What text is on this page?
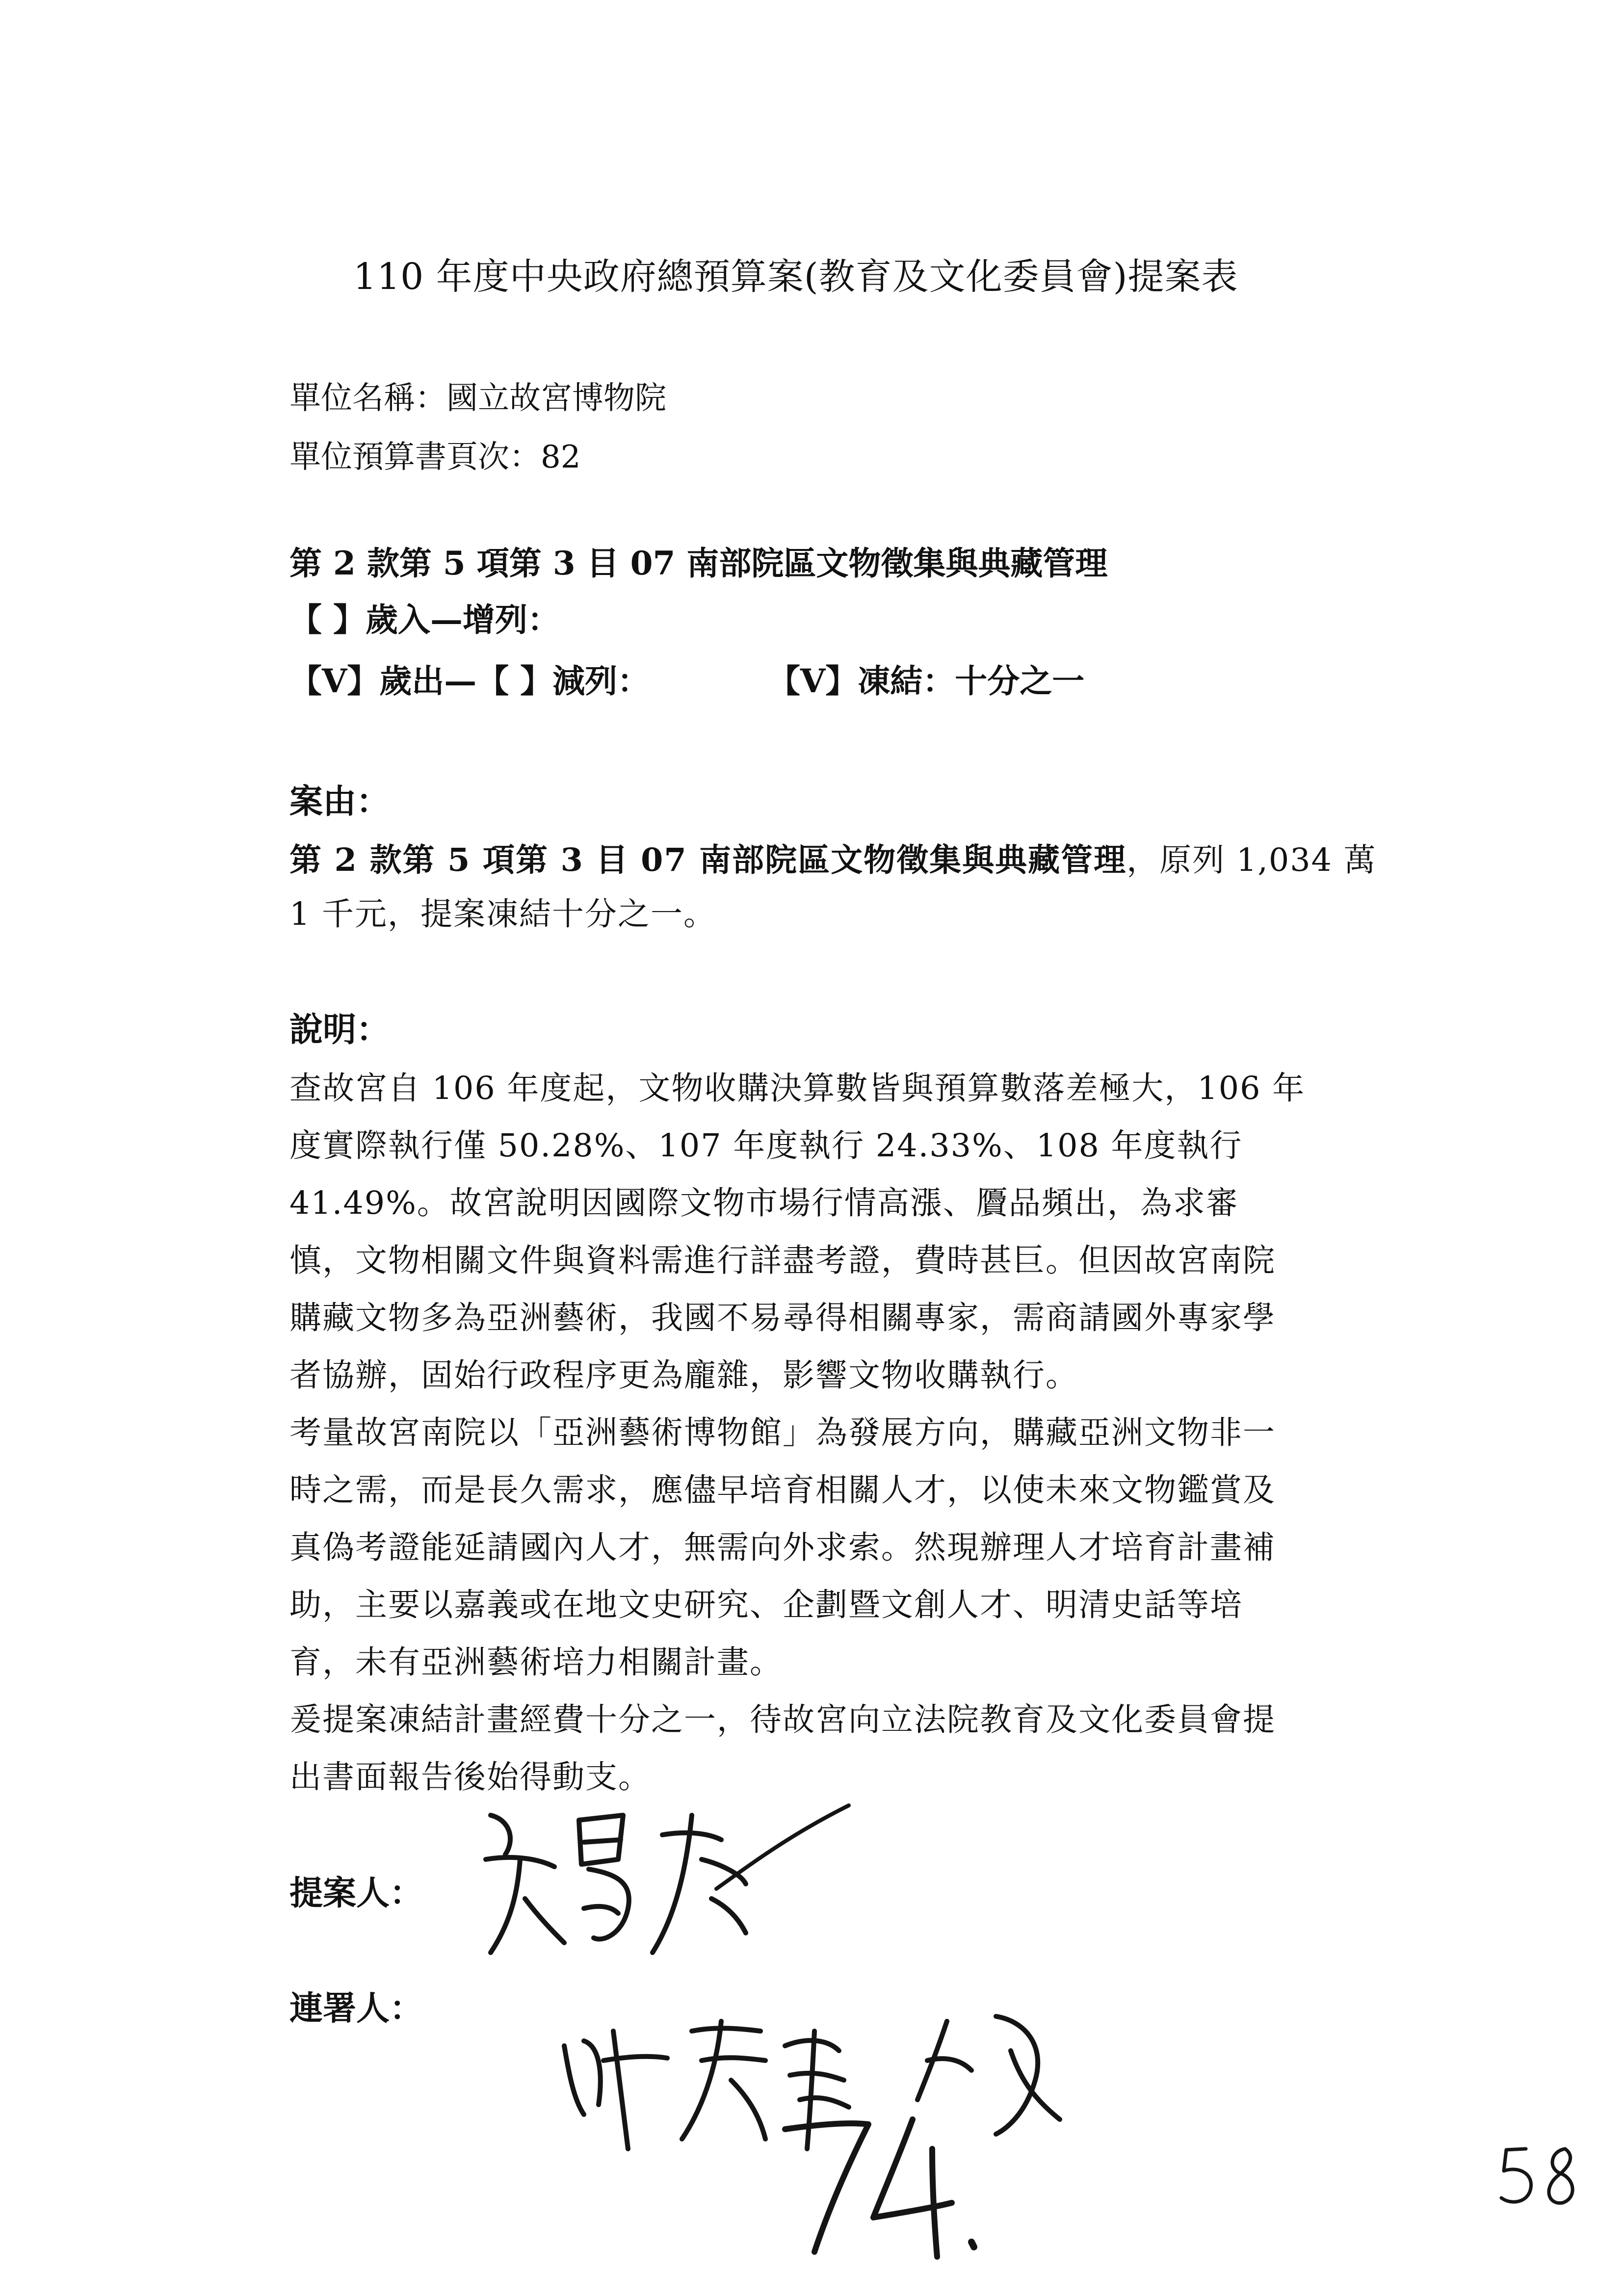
110 年度中央政府總預算案(教育及文化委員會)提案表
單位名稱：國立故宮博物院
單位預算書頁次：82
第 2 款第 5 項第 3 目 07 南部院區文物徵集與典藏管理
【 】歲入—增列：
【V】歲出—【 】減列：	【V】凍結：十分之一
案由：
第 2 款第 5 項第 3 目 07 南部院區文物徵集與典藏管理，原列 1,034 萬
1 千元，提案凍結十分之一。
說明：
查故宮自 106 年度起，文物收購決算數皆與預算數落差極大，106 年
度實際執行僅 50.28%、107 年度執行 24.33%、108 年度執行
41.49%。故宮說明因國際文物市場行情高漲、贗品頻出，為求審
慎，文物相關文件與資料需進行詳盡考證，費時甚巨。但因故宮南院
購藏文物多為亞洲藝術，我國不易尋得相關專家，需商請國外專家學
者協辦，固始行政程序更為龐雜，影響文物收購執行。
考量故宮南院以「亞洲藝術博物館」為發展方向，購藏亞洲文物非一
時之需，而是長久需求，應儘早培育相關人才，以使未來文物鑑賞及
真偽考證能延請國內人才，無需向外求索。然現辦理人才培育計畫補
助，主要以嘉義或在地文史研究、企劃暨文創人才、明清史話等培
育，未有亞洲藝術培力相關計畫。
爰提案凍結計畫經費十分之一，待故宮向立法院教育及文化委員會提
出書面報告後始得動支。
提案人：
連署人：
